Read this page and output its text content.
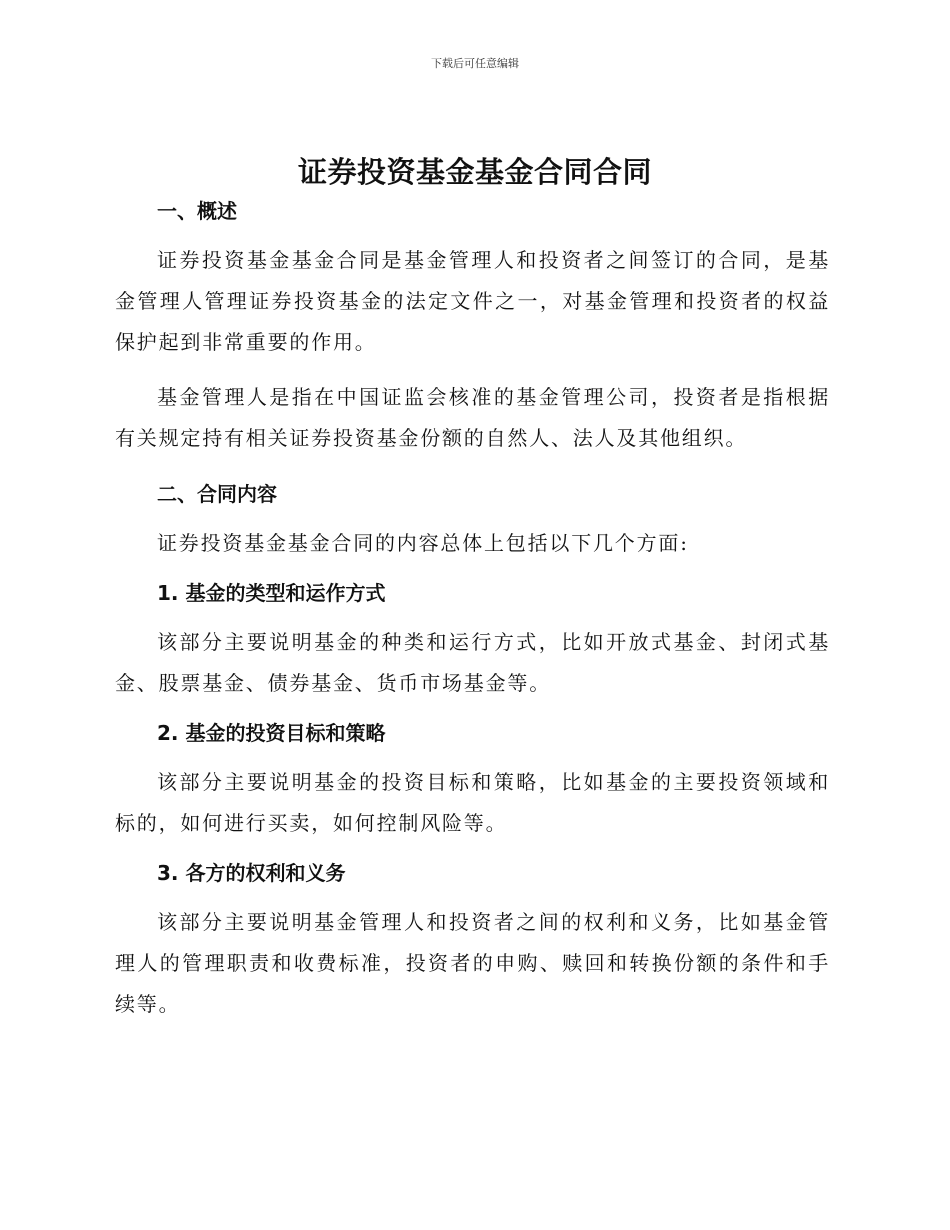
下载后可任意编辑
证券投资基金基金合同合同
一、概述

证券投资基金基金合同是基金管理人和投资者之间签订的合同，是基金管理人管理证券投资基金的法定文件之一，对基金管理和投资者的权益保护起到非常重要的作用。

基金管理人是指在中国证监会核准的基金管理公司，投资者是指根据有关规定持有相关证券投资基金份额的自然人、法人及其他组织。

二、合同内容

证券投资基金基金合同的内容总体上包括以下几个方面:

1. 基金的类型和运作方式

该部分主要说明基金的种类和运行方式，比如开放式基金、封闭式基金、股票基金、债券基金、货币市场基金等。

2. 基金的投资目标和策略

该部分主要说明基金的投资目标和策略，比如基金的主要投资领域和标的，如何进行买卖，如何控制风险等。

3. 各方的权利和义务

该部分主要说明基金管理人和投资者之间的权利和义务，比如基金管理人的管理职责和收费标准，投资者的申购、赎回和转换份额的条件和手续等。
